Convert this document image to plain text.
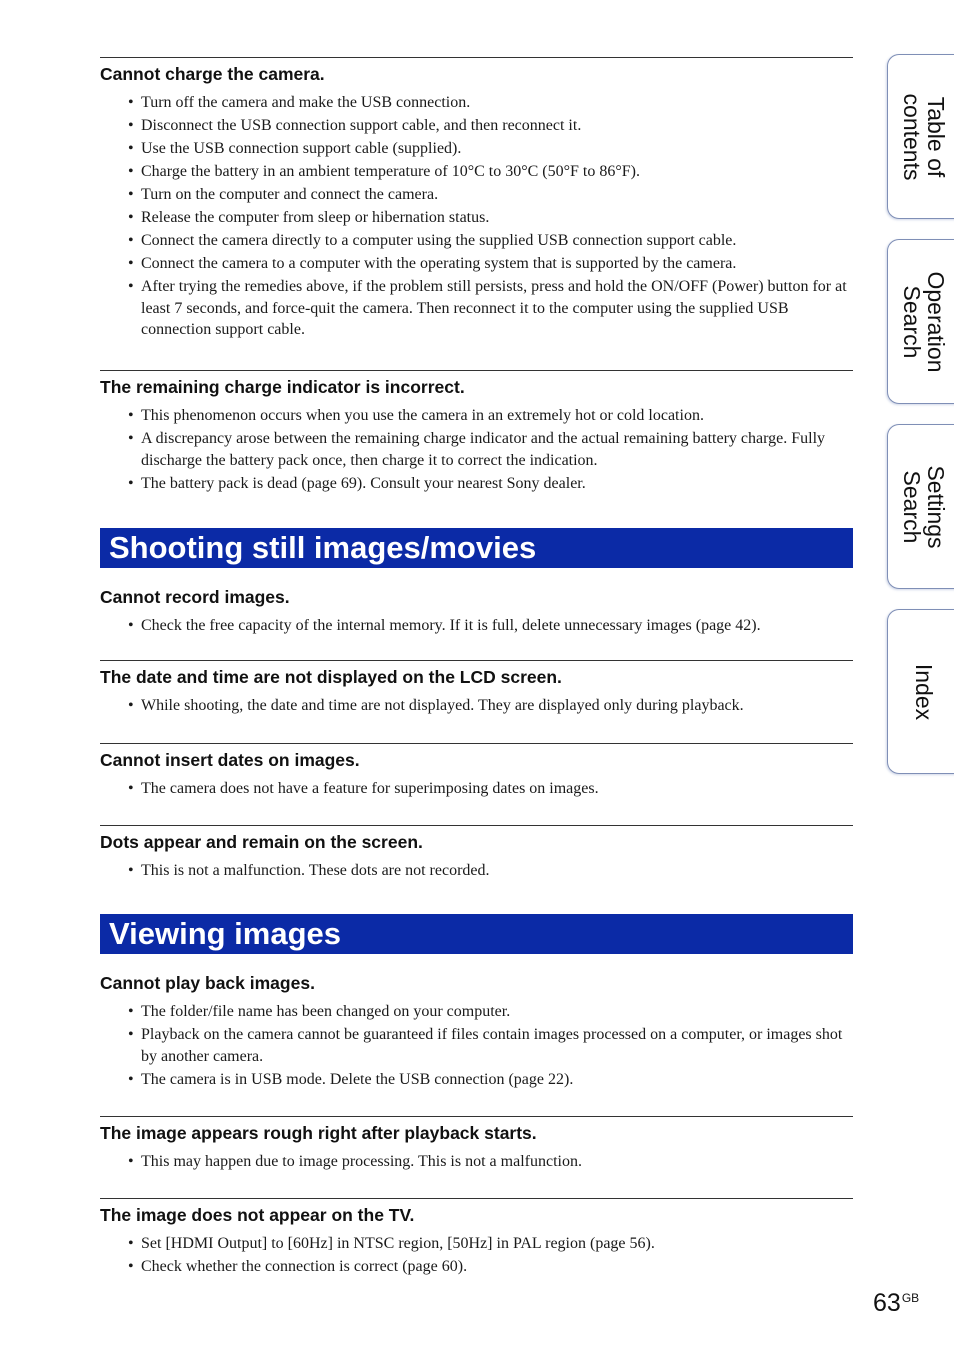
Cannot charge the camera.
• Turn off the camera and make the USB connection.
• Disconnect the USB connection support cable, and then reconnect it.
• Use the USB connection support cable (supplied).
• Charge the battery in an ambient temperature of 10°C to 30°C (50°F to 86°F).
• Turn on the computer and connect the camera.
• Release the computer from sleep or hibernation status.
• Connect the camera directly to a computer using the supplied USB connection support cable.
• Connect the camera to a computer with the operating system that is supported by the camera.
• After trying the remedies above, if the problem still persists, press and hold the ON/OFF (Power) button for at least 7 seconds, and force-quit the camera. Then reconnect it to the computer using the supplied USB connection support cable.
The remaining charge indicator is incorrect.
• This phenomenon occurs when you use the camera in an extremely hot or cold location.
• A discrepancy arose between the remaining charge indicator and the actual remaining battery charge. Fully discharge the battery pack once, then charge it to correct the indication.
• The battery pack is dead (page 69). Consult your nearest Sony dealer.
Shooting still images/movies
Cannot record images.
• Check the free capacity of the internal memory. If it is full, delete unnecessary images (page 42).
The date and time are not displayed on the LCD screen.
• While shooting, the date and time are not displayed. They are displayed only during playback.
Cannot insert dates on images.
• The camera does not have a feature for superimposing dates on images.
Dots appear and remain on the screen.
• This is not a malfunction. These dots are not recorded.
Viewing images
Cannot play back images.
• The folder/file name has been changed on your computer.
• Playback on the camera cannot be guaranteed if files contain images processed on a computer, or images shot by another camera.
• The camera is in USB mode. Delete the USB connection (page 22).
The image appears rough right after playback starts.
• This may happen due to image processing. This is not a malfunction.
The image does not appear on the TV.
• Set [HDMI Output] to [60Hz] in NTSC region, [50Hz] in PAL region (page 56).
• Check whether the connection is correct (page 60).
Table of
contents
Operation
Search
Settings
Search
Index
$63^{GB}$
